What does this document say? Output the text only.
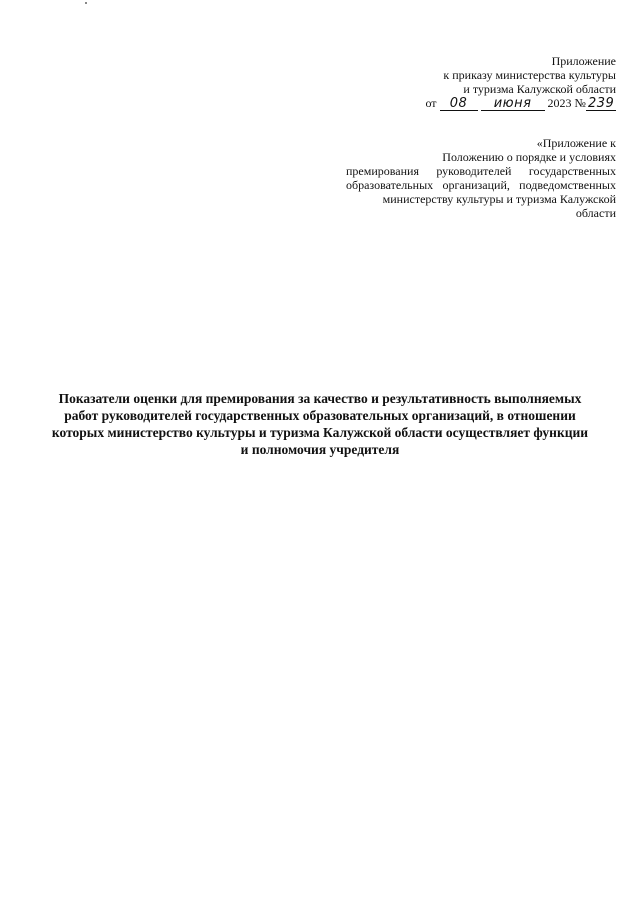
Приложение
к приказу министерства культуры
и туризма Калужской области
от 08 июня 2023 № 239
«Приложение к
Положению о порядке и условиях
премирования руководителей государственных
образовательных организаций, подведомственных
министерству культуры и туризма Калужской
области
Показатели оценки для премирования за качество и результативность выполняемых
работ руководителей государственных образовательных организаций, в отношении
которых министерство культуры и туризма Калужской области осуществляет функции
и полномочия учредителя
